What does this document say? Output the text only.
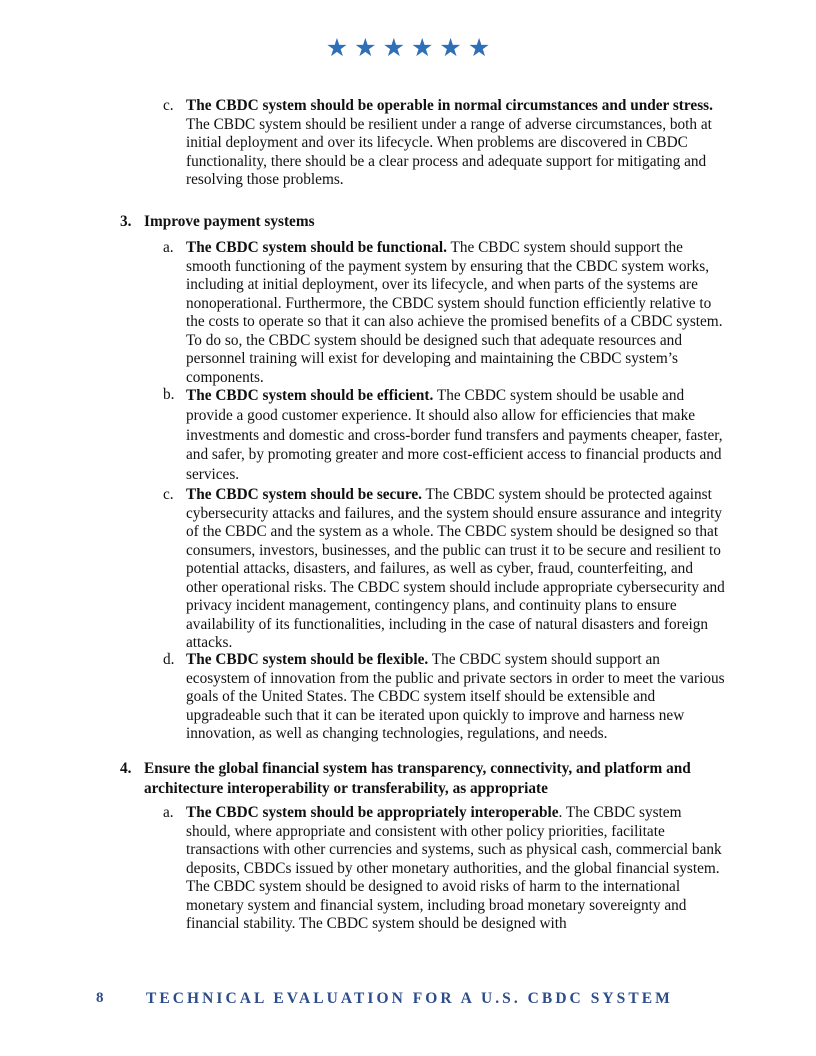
★ ★ ★ ★ ★ ★
c. The CBDC system should be operable in normal circumstances and under stress. The CBDC system should be resilient under a range of adverse circumstances, both at initial deployment and over its lifecycle. When problems are discovered in CBDC functionality, there should be a clear process and adequate support for mitigating and resolving those problems.
3. Improve payment systems
a. The CBDC system should be functional. The CBDC system should support the smooth functioning of the payment system by ensuring that the CBDC system works, including at initial deployment, over its lifecycle, and when parts of the systems are nonoperational. Furthermore, the CBDC system should function efficiently relative to the costs to operate so that it can also achieve the promised benefits of a CBDC system. To do so, the CBDC system should be designed such that adequate resources and personnel training will exist for developing and maintaining the CBDC system’s components.
b. The CBDC system should be efficient. The CBDC system should be usable and provide a good customer experience. It should also allow for efficiencies that make investments and domestic and cross-border fund transfers and payments cheaper, faster, and safer, by promoting greater and more cost-efficient access to financial products and services.
c. The CBDC system should be secure. The CBDC system should be protected against cybersecurity attacks and failures, and the system should ensure assurance and integrity of the CBDC and the system as a whole. The CBDC system should be designed so that consumers, investors, businesses, and the public can trust it to be secure and resilient to potential attacks, disasters, and failures, as well as cyber, fraud, counterfeiting, and other operational risks. The CBDC system should include appropriate cybersecurity and privacy incident management, contingency plans, and continuity plans to ensure availability of its functionalities, including in the case of natural disasters and foreign attacks.
d. The CBDC system should be flexible. The CBDC system should support an ecosystem of innovation from the public and private sectors in order to meet the various goals of the United States. The CBDC system itself should be extensible and upgradeable such that it can be iterated upon quickly to improve and harness new innovation, as well as changing technologies, regulations, and needs.
4. Ensure the global financial system has transparency, connectivity, and platform and architecture interoperability or transferability, as appropriate
a. The CBDC system should be appropriately interoperable. The CBDC system should, where appropriate and consistent with other policy priorities, facilitate transactions with other currencies and systems, such as physical cash, commercial bank deposits, CBDCs issued by other monetary authorities, and the global financial system. The CBDC system should be designed to avoid risks of harm to the international monetary system and financial system, including broad monetary sovereignty and financial stability. The CBDC system should be designed with
8	TECHNICAL EVALUATION FOR A U.S. CBDC SYSTEM
